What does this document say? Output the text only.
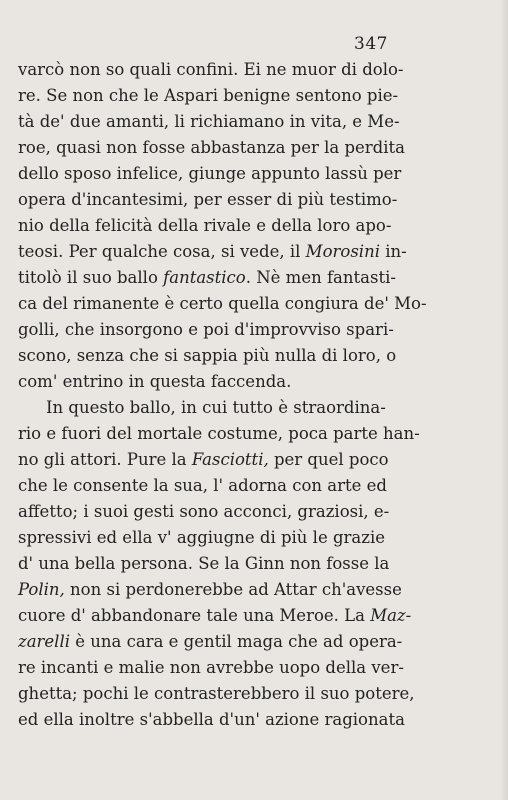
347
varcò non so quali confini. Ei ne muor di dolo-
re. Se non che le Aspari benigne sentono pie-
tà de' due amanti, li richiamano in vita, e Me-
roe, quasi non fosse abbastanza per la perdita
dello sposo infelice, giunge appunto lassù per
opera d'incantesimi, per esser di più testimo-
nio della felicità della rivale e della loro apo-
teosi. Per qualche cosa, si vede, il Morosini in-
titolò il suo ballo fantastico. Nè men fantasti-
ca del rimanente è certo quella congiura de' Mo-
golli, che insorgono e poi d'improvviso spari-
scono, senza che si sappia più nulla di loro, o
com' entrino in questa faccenda.
In questo ballo, in cui tutto è straordina-
rio e fuori del mortale costume, poca parte han-
no gli attori. Pure la Fasciotti, per quel poco
che le consente la sua, l' adorna con arte ed
affetto; i suoi gesti sono acconci, graziosi, e-
spressivi ed ella v' aggiugne di più le grazie
d' una bella persona. Se la Ginn non fosse la
Polin, non si perdonerebbe ad Attar ch'avesse
cuore d' abbandonare tale una Meroe. La Maz-
zarelli è una cara e gentil maga che ad opera-
re incanti e malie non avrebbe uopo della ver-
ghetta; pochi le contrasterebbero il suo potere,
ed ella inoltre s'abbella d'un' azione ragionata
